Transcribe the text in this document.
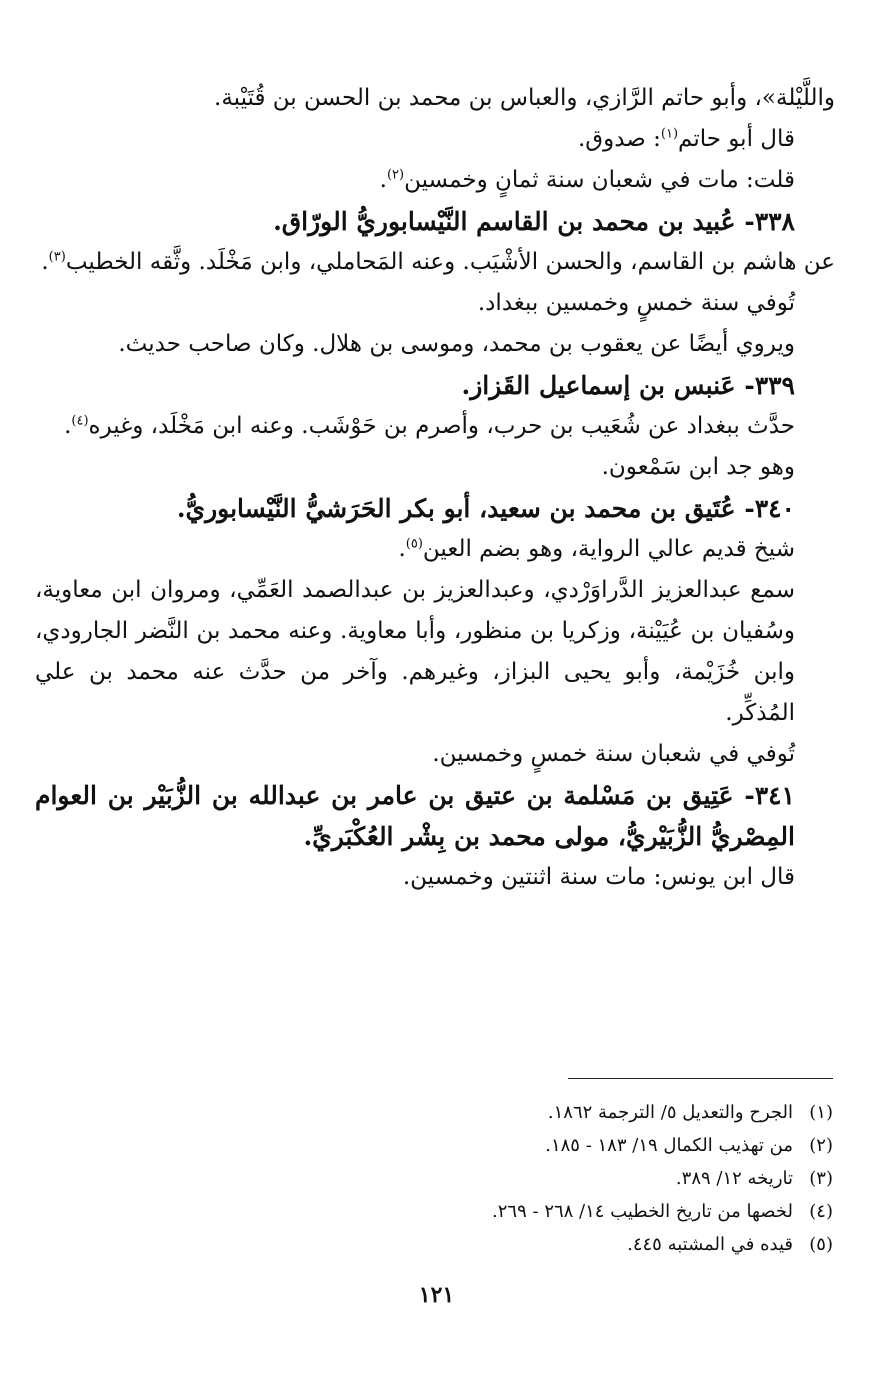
واللَّيْلة»، وأبو حاتم الرَّازي، والعباس بن محمد بن الحسن بن قُتَيْبة.

قال أبو حاتم$^{(١)}$: صدوق.

قلت: مات في شعبان سنة ثمانٍ وخمسين$^{(٢)}$.

٣٣٨- عُبيد بن محمد بن القاسم النَّيْسابوريُّ الورّاق.

عن هاشم بن القاسم، والحسن الأشْيَب. وعنه المَحاملي، وابن مَخْلَد. وثَّقه الخطيب$^{(٣)}$.

تُوفي سنة خمسٍ وخمسين ببغداد.

ويروي أيضًا عن يعقوب بن محمد، وموسى بن هلال. وكان صاحب حديث.

٣٣٩- عَنبس بن إسماعيل القَزاز.

حدَّث ببغداد عن شُعَيب بن حرب، وأصرم بن حَوْشَب. وعنه ابن مَخْلَد، وغيره$^{(٤)}$.

وهو جد ابن سَمْعون.

٣٤٠- عُتَيق بن محمد بن سعيد، أبو بكر الحَرَشيُّ النَّيْسابوريُّ.

شيخ قديم عالي الرواية، وهو بضم العين$^{(٥)}$.

سمع عبدالعزيز الدَّراوَرْدي، وعبدالعزيز بن عبدالصمد العَمِّي، ومروان ابن معاوية، وسُفيان بن عُيَيْنة، وزكريا بن منظور، وأبا معاوية. وعنه محمد بن النَّضر الجارودي، وابن خُزَيْمة، وأبو يحيى البزاز، وغيرهم. وآخر من حدَّث عنه محمد بن علي المُذكِّر.

تُوفي في شعبان سنة خمسٍ وخمسين.

٣٤١- عَتِيق بن مَسْلمة بن عتيق بن عامر بن عبدالله بن الزُّبَيْر بن العوام المِصْريُّ الزُّبَيْريُّ، مولى محمد بن بِشْر العُكْبَريِّ.

قال ابن يونس: مات سنة اثنتين وخمسين.

(١)
الجرح والتعديل ٥/ الترجمة ١٨٦٢.
(٢)
من تهذيب الكمال ١٩/ ١٨٣ - ١٨٥.
(٣)
تاريخه ١٢/ ٣٨٩.
(٤)
لخصها من تاريخ الخطيب ١٤/ ٢٦٨ - ٢٦٩.
(٥)
قيده في المشتبه ٤٤٥.
١٢١
